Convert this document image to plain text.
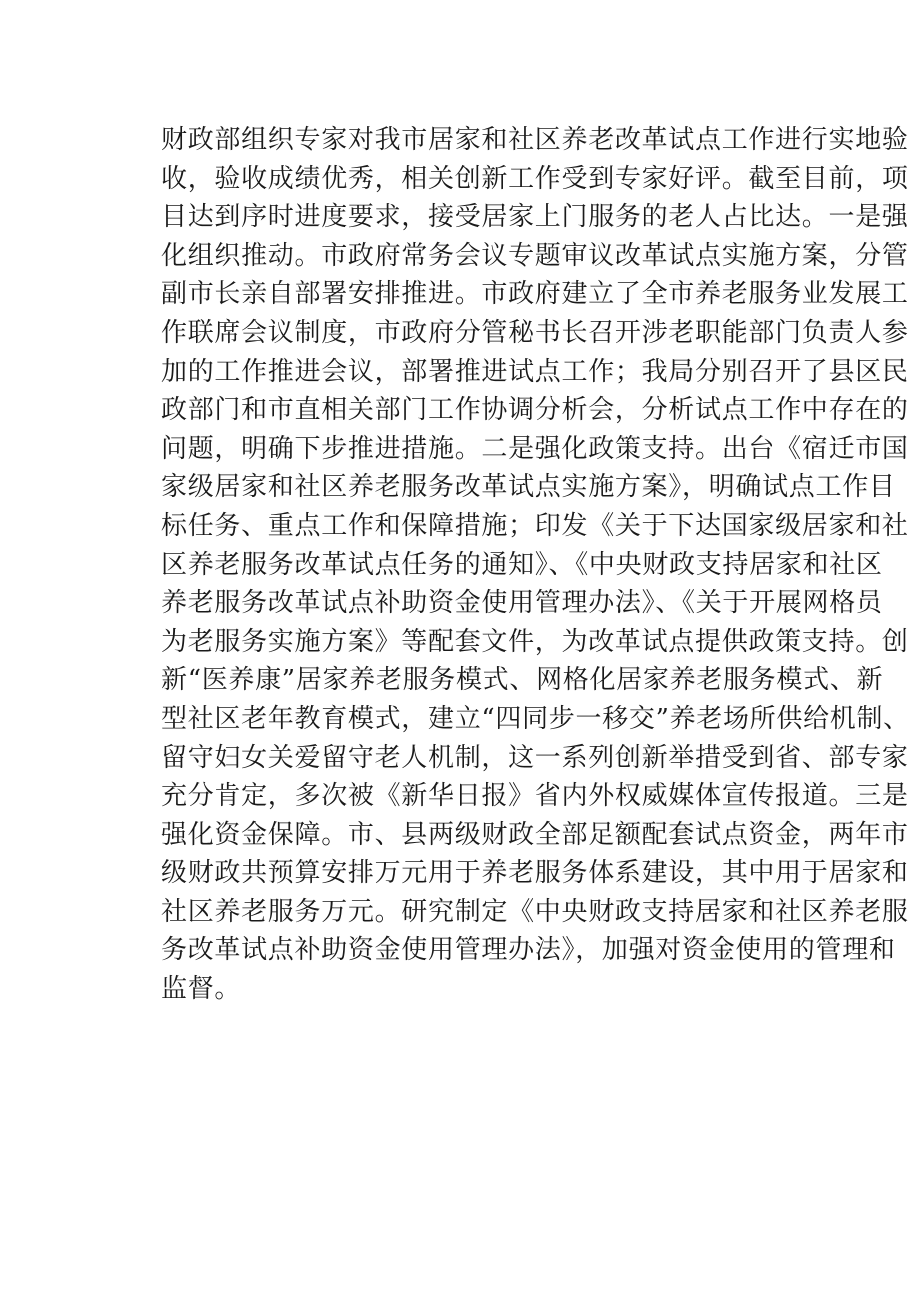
财政部组织专家对我市居家和社区养老改革试点工作进行实地验
收，验收成绩优秀，相关创新工作受到专家好评。截至目前，项
目达到序时进度要求，接受居家上门服务的老人占比达。一是强
化组织推动。市政府常务会议专题审议改革试点实施方案，分管
副市长亲自部署安排推进。市政府建立了全市养老服务业发展工
作联席会议制度，市政府分管秘书长召开涉老职能部门负责人参
加的工作推进会议，部署推进试点工作；我局分别召开了县区民
政部门和市直相关部门工作协调分析会，分析试点工作中存在的
问题，明确下步推进措施。二是强化政策支持。出台《宿迁市国
家级居家和社区养老服务改革试点实施方案》，明确试点工作目
标任务、重点工作和保障措施；印发《关于下达国家级居家和社
区养老服务改革试点任务的通知》、《中央财政支持居家和社区
养老服务改革试点补助资金使用管理办法》、《关于开展网格员
为老服务实施方案》等配套文件，为改革试点提供政策支持。创
新“医养康”居家养老服务模式、网格化居家养老服务模式、新
型社区老年教育模式，建立“四同步一移交”养老场所供给机制、
留守妇女关爱留守老人机制，这一系列创新举措受到省、部专家
充分肯定，多次被《新华日报》省内外权威媒体宣传报道。三是
强化资金保障。市、县两级财政全部足额配套试点资金，两年市
级财政共预算安排万元用于养老服务体系建设，其中用于居家和
社区养老服务万元。研究制定《中央财政支持居家和社区养老服
务改革试点补助资金使用管理办法》，加强对资金使用的管理和
监督。
